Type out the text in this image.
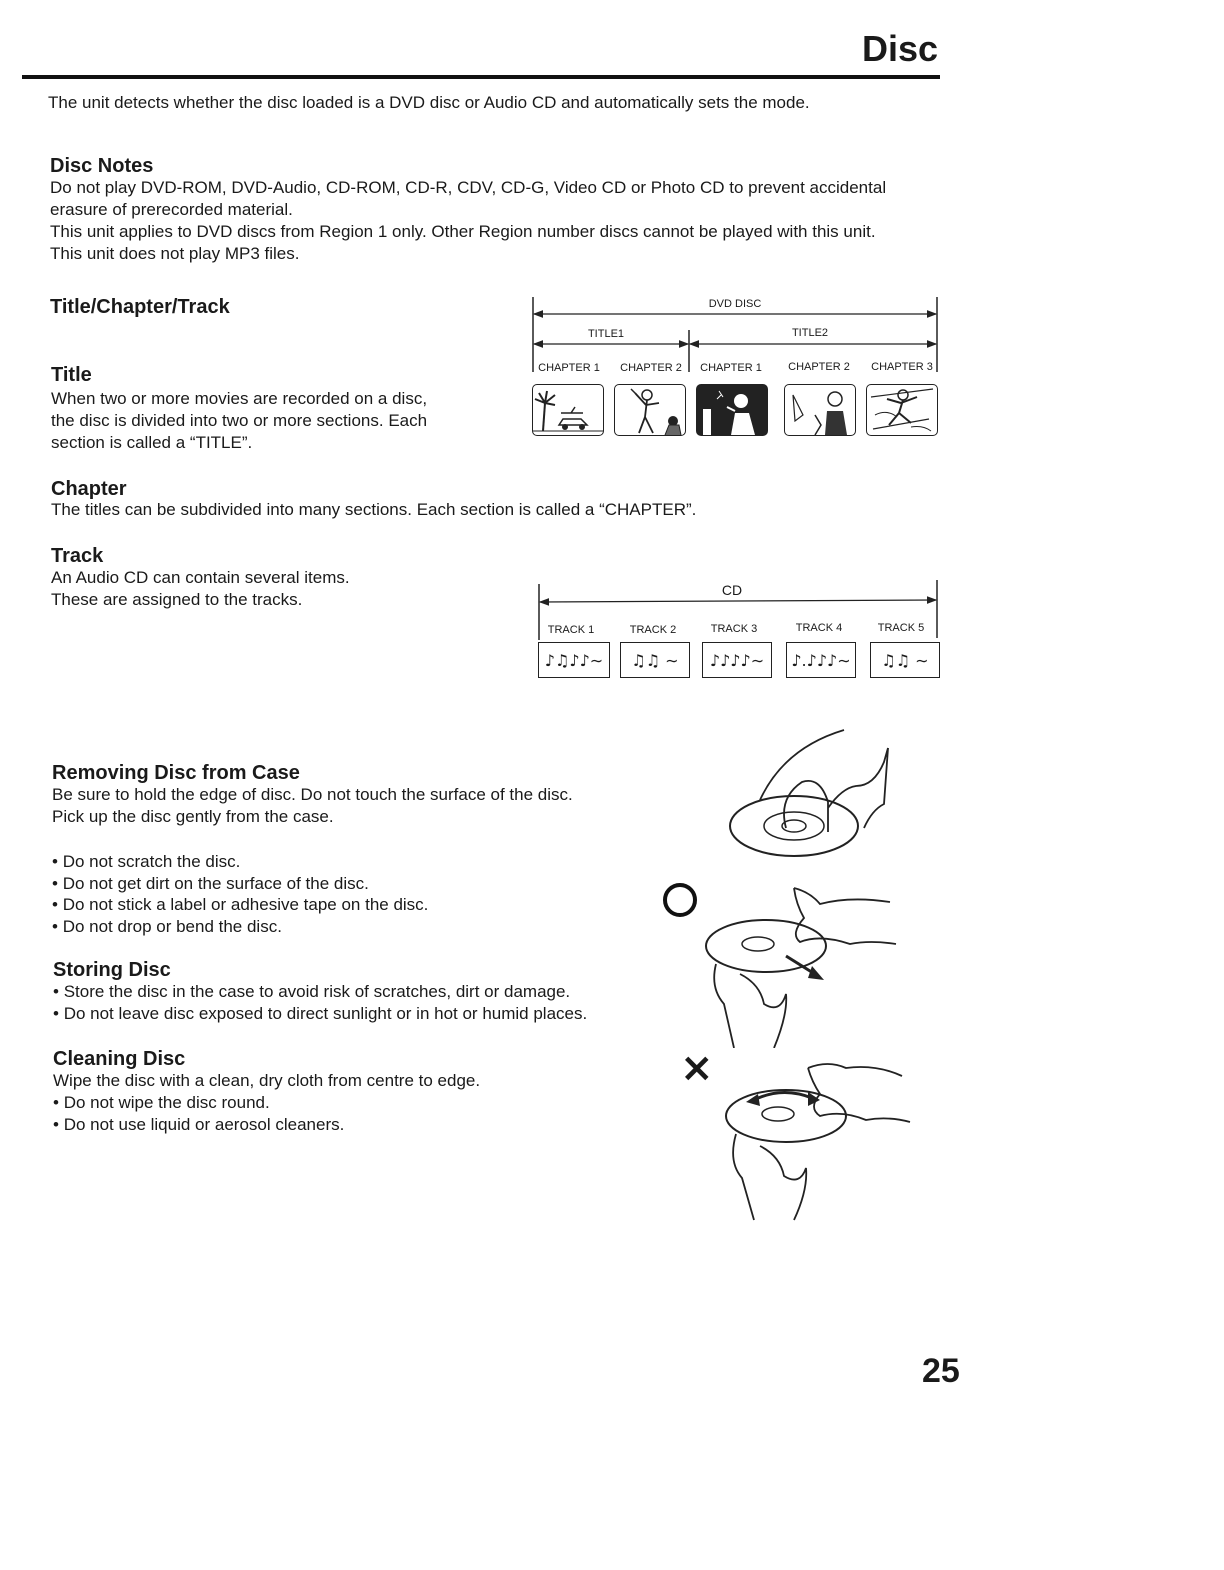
Disc

The unit detects whether the disc loaded is a DVD disc or Audio CD and automatically sets the mode.

Disc Notes

Do not play DVD-ROM, DVD-Audio, CD-ROM, CD-R, CDV, CD-G, Video CD or Photo CD to prevent accidental

erasure of prerecorded material.

This unit applies to DVD discs from Region 1 only. Other Region number discs cannot be played with this unit.

This unit does not play MP3 files.

Title/Chapter/Track
Title

When two or more movies are recorded on a disc,

the disc is divided into two or more sections. Each

section is called a “TITLE”.

Chapter

The titles can be subdivided into many sections. Each section is called a “CHAPTER”.

Track

An Audio CD can contain several items.

These are assigned to the tracks.

DVD DISC
TITLE1	TITLE2
CHAPTER 1	CHAPTER 2	CHAPTER 1	CHAPTER 2	CHAPTER 3
CD
TRACK 1	TRACK 2	TRACK 3	TRACK 4	TRACK 5
♪♫♪♪∼	♫♫ ∼	♪♪♪♪∼	♪.♪♪♪∼	♫♫ ∼
Removing Disc from Case

Be sure to hold the edge of disc. Do not touch the surface of the disc.

Pick up the disc gently from the case.

• Do not scratch the disc.
• Do not get dirt on the surface of the disc.
• Do not stick a label or adhesive tape on the disc.
• Do not drop or bend the disc.
Storing Disc
• Store the disc in the case to avoid risk of scratches, dirt or damage.
• Do not leave disc exposed to direct sunlight or in hot or humid places.
Cleaning Disc

Wipe the disc with a clean, dry cloth from centre to edge.

• Do not wipe the disc round.
• Do not use liquid or aerosol cleaners.
×
25
